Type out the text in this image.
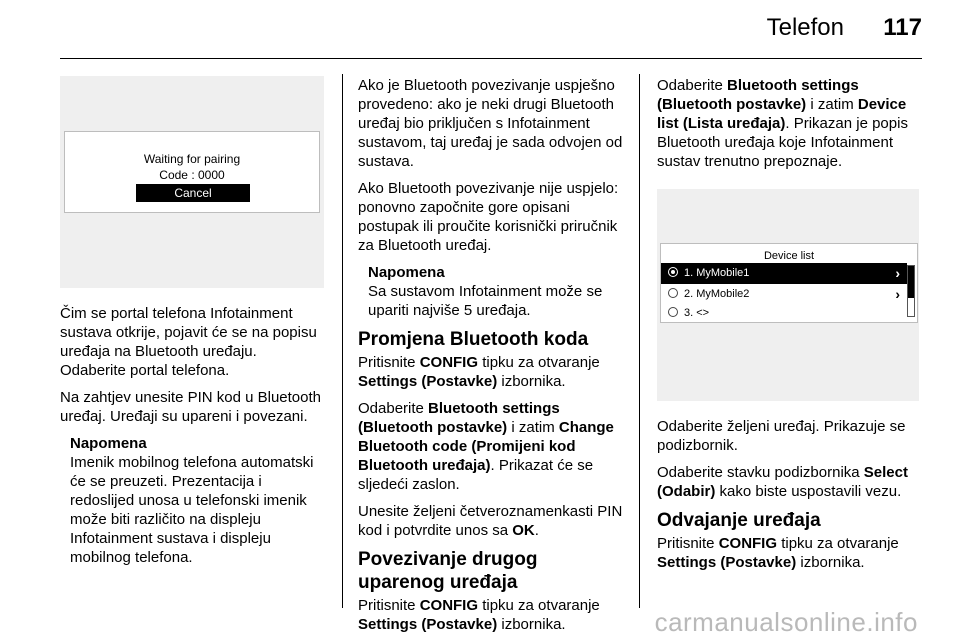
Telefon 117
Waiting for pairing
Code : 0000
Cancel

Čim se portal telefona Infotainment sustava otkrije, pojavit će se na popisu uređaja na Bluetooth uređaju. Odaberite portal telefona.

Na zahtjev unesite PIN kod u Bluetooth uređaj. Uređaji su upareni i povezani.

Napomena
Imenik mobilnog telefona automatski će se preuzeti. Prezentacija i redoslijed unosa u telefonski imenik može biti različito na displeju Infotainment sustava i displeju mobilnog telefona.

Ako je Bluetooth povezivanje uspješno provedeno: ako je neki drugi Bluetooth uređaj bio priključen s Infotainment sustavom, taj uređaj je sada odvojen od sustava.

Ako Bluetooth povezivanje nije uspjelo: ponovno započnite gore opisani postupak ili proučite korisnički priručnik za Bluetooth uređaj.

Napomena
Sa sustavom Infotainment može se upariti najviše 5 uređaja.
Promjena Bluetooth koda

Pritisnite CONFIG tipku za otvaranje Settings (Postavke) izbornika.

Odaberite Bluetooth settings (Bluetooth postavke) i zatim Change Bluetooth code (Promijeni kod Bluetooth uređaja). Prikazat će se sljedeći zaslon.

Unesite željeni četveroznamenkasti PIN kod i potvrdite unos sa OK.

Povezivanje drugog uparenog uređaja

Pritisnite CONFIG tipku za otvaranje Settings (Postavke) izbornika.

Odaberite Bluetooth settings (Bluetooth postavke) i zatim Device list (Lista uređaja). Prikazan je popis Bluetooth uređaja koje Infotainment sustav trenutno prepoznaje.

Device list
1. MyMobile1	›
2. MyMobile2	›
3. <>

Odaberite željeni uređaj. Prikazuje se podizbornik.

Odaberite stavku podizbornika Select (Odabir) kako biste uspostavili vezu.

Odvajanje uređaja

Pritisnite CONFIG tipku za otvaranje Settings (Postavke) izbornika.

carmanualsonline.info
